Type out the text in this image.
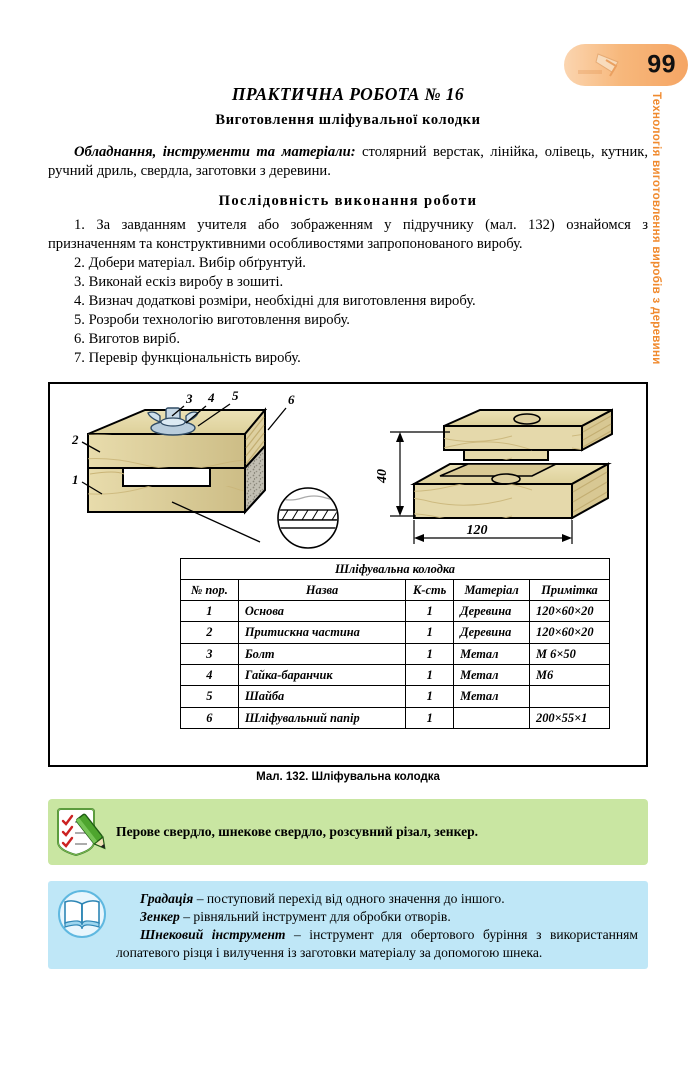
99
Технологія виготовлення виробів з деревини
ПРАКТИЧНА РОБОТА № 16
Виготовлення шліфувальної колодки

Обладнання, інструменти та матеріали: столярний верстак, лінійка, олівець, кутник, ручний дриль, свердла, заготовки з деревини.

Послідовність виконання роботи
1. За завданням учителя або зображенням у підручнику (мал. 132) ознайомся з призначенням та конструктивними особливостями запропонованого виробу.
2. Добери матеріал. Вибір обґрунтуй.
3. Виконай ескіз виробу в зошиті.
4. Визнач додаткові розміри, необхідні для виготовлення виробу.
5. Розроби технологію виготовлення виробу.
6. Виготов виріб.
7. Перевір функціональність виробу.
2
1
3 4 5	6
40
120
Шліфувальна колодка				
№ пор.	Назва	К-сть	Матеріал	Примітка
1	Основа	1	Деревина	120×60×20
2	Притискна частина	1	Деревина	120×60×20
3	Болт	1	Метал	M 6×50
4	Гайка-баранчик	1	Метал	M6
5	Шайба	1	Метал	
6	Шліфувальний папір	1		200×55×1
Мал. 132. Шліфувальна колодка
Перове свердло, шнекове свердло, розсувний різал, зенкер.

Градація – поступовий перехід від одного значення до іншого.

Зенкер – рівняльний інструмент для обробки отворів.

Шнековий інструмент – інструмент для обертового буріння з використанням лопатевого різця і вилучення із заготовки матеріалу за допомогою шнека.
